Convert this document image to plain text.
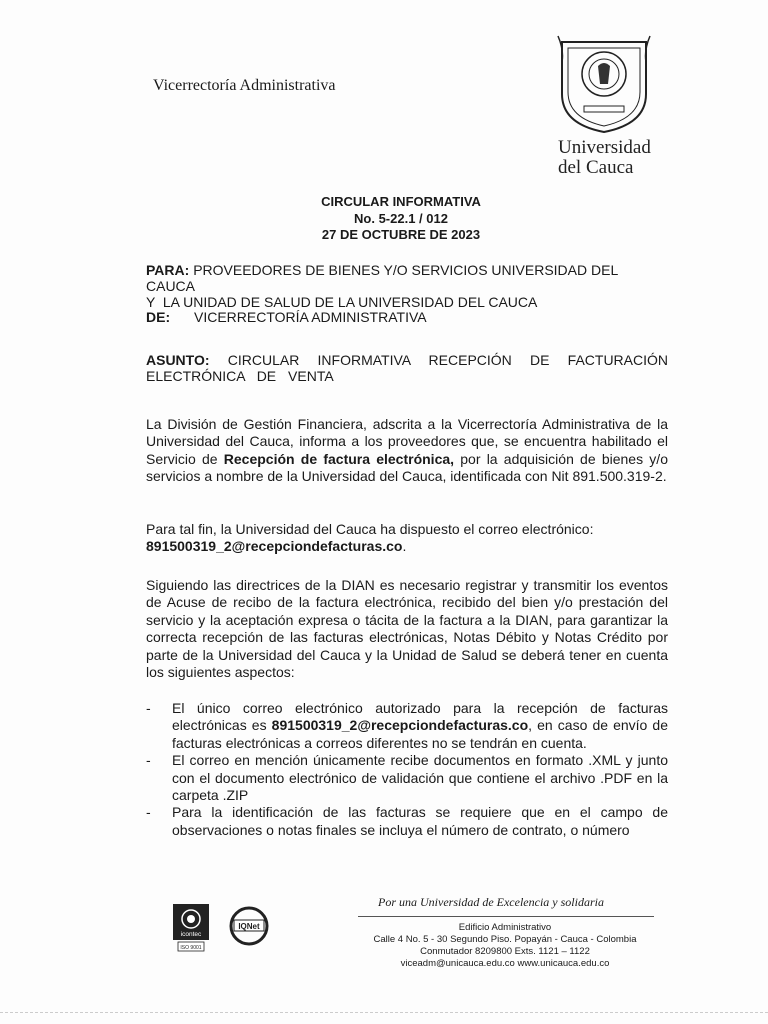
Vicerrectoría Administrativa
Universidad
del Cauca
CIRCULAR INFORMATIVA
No. 5-22.1 / 012
27 DE OCTUBRE DE 2023
PARA: PROVEEDORES DE BIENES Y/O SERVICIOS UNIVERSIDAD DEL CAUCA
Y  LA UNIDAD DE SALUD DE LA UNIVERSIDAD DEL CAUCA
DE: VICERRECTORÍA ADMINISTRATIVA
ASUNTO: CIRCULAR INFORMATIVA RECEPCIÓN DE FACTURACIÓN ELECTRÓNICA DE VENTA
La División de Gestión Financiera, adscrita a la Vicerrectoría Administrativa de la Universidad del Cauca, informa a los proveedores que, se encuentra habilitado el Servicio de Recepción de factura electrónica, por la adquisición de bienes y/o servicios a nombre de la Universidad del Cauca, identificada con Nit 891.500.319-2.
Para tal fin, la Universidad del Cauca ha dispuesto el correo electrónico:
891500319_2@recepciondefacturas.co.
Siguiendo las directrices de la DIAN es necesario registrar y transmitir los eventos de Acuse de recibo de la factura electrónica, recibido del bien y/o prestación del servicio y la aceptación expresa o tácita de la factura a la DIAN, para garantizar la correcta recepción de las facturas electrónicas, Notas Débito y Notas Crédito por parte de la Universidad del Cauca y la Unidad de Salud se deberá tener en cuenta los siguientes aspectos:
- El único correo electrónico autorizado para la recepción de facturas electrónicas es 891500319_2@recepciondefacturas.co, en caso de envío de facturas electrónicas a correos diferentes no se tendrán en cuenta.
- El correo en mención únicamente recibe documentos en formato .XML y junto con el documento electrónico de validación que contiene el archivo .PDF en la carpeta .ZIP
- Para la identificación de las facturas se requiere que en el campo de observaciones o notas finales se incluya el número de contrato, o número
Por una Universidad de Excelencia y solidaria
Edificio Administrativo
Calle 4 No. 5 - 30 Segundo Piso. Popayán - Cauca - Colombia
Conmutador 8209800 Exts. 1121 – 1122
viceadm@unicauca.edu.co www.unicauca.edu.co
icontec
ISO 9001
IQNet
